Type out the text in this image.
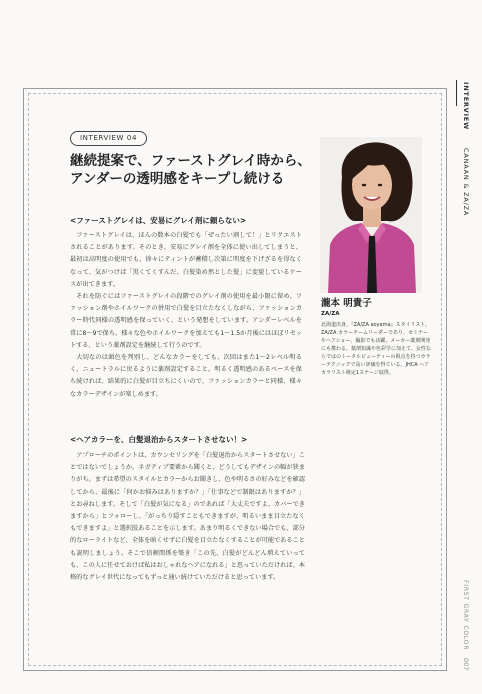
INTERVIEW
CANAAN & ZA/ZA
FIRST GRAY COLOR
007
INTERVIEW 04
継続提案で、ファーストグレイ時から、
アンダーの透明感をキープし続ける
瀧本 明貴子
ZA/ZA
北海道出身。『ZA/ZA aoyama』スタイリスト。ZA/ZA カラーチームリーダーであり、セミナーやヘアショー、撮影でも活躍。メーカー薬剤開発にも携わる。薬剤知識や色彩学に加えて、女性ならではのトータルビューティーの視点を持つカラーテクニックで高い評価を得ている。JHCA ヘアカラリスト検定1ステージ取得。
<ファーストグレイは、安易にグレイ剤に頼らない>

ファーストグレイは、ほんの数本の白髪でも「ぜったい割して！」とリクエストされることがあります。そのとき、安易にグレイ剤を全体に使い出してしまうと、最初は高明度の使用でも、徐々にティントが蓄積し次第に明度を下げざるを得なくなって、気がつけば「黒くてくすんだ、白髪染め然とした髪」に変貌しているケースが出てきます。

それを防ぐにはファーストグレイの段階でのグレイ剤の使用を最小限に留め、ファッション剤やホイルワークの併用で白髪を目立たなくしながら、ファッションカラー時代同様の透明感を保っていく、という発想をしています。アンダーレベルを常に8〜9で保ち、様々な色やホイルワークを加えても1〜1.5か月後にはほぼリセットする、という薬剤設定を継続して行うのです。

大切なのは頭色を判別し、どんなカラーをしても、次回はまた1〜2レベル明るく、ニュートラルに戻るように薬剤設定すること。明るく透明感のあるベースを保ち続ければ、結果的に白髪が目立ちにくいので、ファッションカラーと同様、様々なカラーデザインが楽しめます。

<ヘアカラーを、白髪退治からスタートさせない！>

アプローチのポイントは、カウンセリングを「白髪退治からスタートさせない」ことではないでしょうか。ネガティブ要素から聞くと、どうしてもデザインの幅が狭まりがち。まずは希望のスタイルとカラーからお聞きし、色や明るさの好みなどを確認してから、最後に「何かお悩みはありますか？」「仕事などで制限はありますか？」とお尋ねします。そして「白髪が気になる」のであれば「大丈夫ですよ、カバーできますから」とフォローし、「がっちり隠すこともできますが、明るいまま目立たなくもできますよ」と選択肢あることを示します。あまり明るくできない場合でも、部分的なローライトなど、全体を暗くせずに白髪を目立たなくすることが可能であることも説明しましょう。そこで信頼関係を築き「この先、白髪がどんどん増えていっても、この人に任せておけば私はおしゃれなヘアになれる」と思っていただければ、本格的なグレイ世代になってもずっと通い続けていただけると思っています。
